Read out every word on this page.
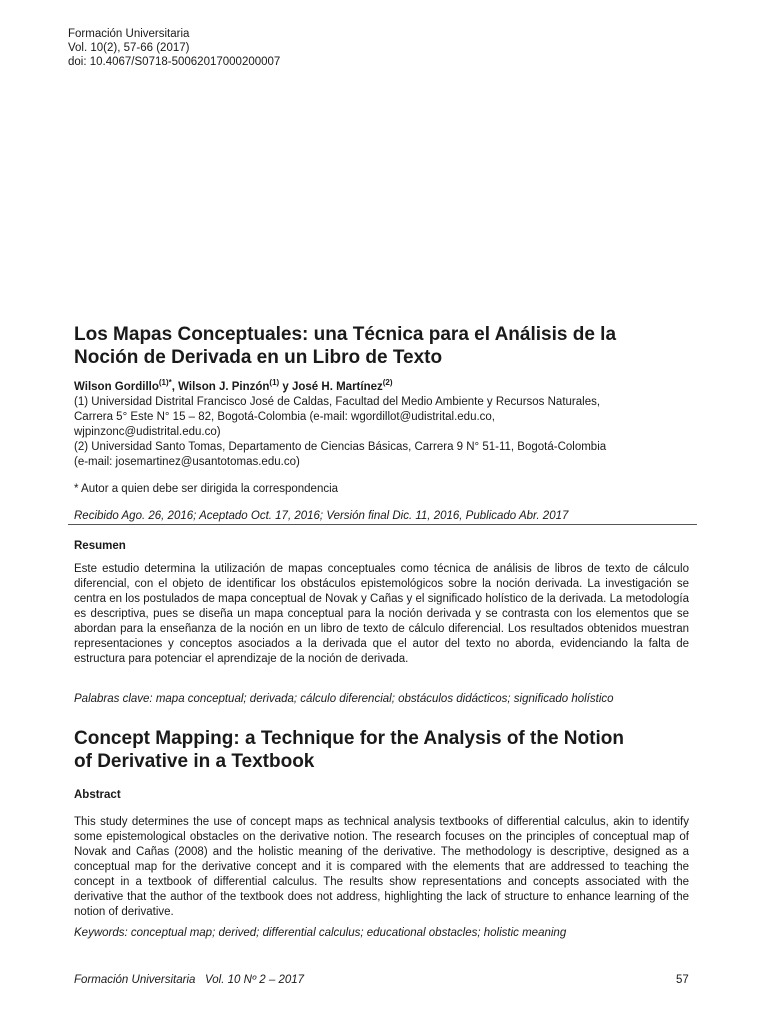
Formación Universitaria
Vol. 10(2), 57-66 (2017)
doi: 10.4067/S0718-50062017000200007
Los Mapas Conceptuales: una Técnica para el Análisis de la
Noción de Derivada en un Libro de Texto
Wilson Gordillo$^{(1)*}$, Wilson J. Pinzón$^{(1)}$ y José H. Martínez$^{(2)}$
(1) Universidad Distrital Francisco José de Caldas, Facultad del Medio Ambiente y Recursos Naturales,
Carrera 5° Este N° 15 – 82, Bogotá-Colombia (e-mail: wgordillot@udistrital.edu.co,
wjpinzonc@udistrital.edu.co)
(2) Universidad Santo Tomas, Departamento de Ciencias Básicas, Carrera 9 N° 51-11, Bogotá-Colombia
(e-mail: josemartinez@usantotomas.edu.co)
* Autor a quien debe ser dirigida la correspondencia
Recibido Ago. 26, 2016; Aceptado Oct. 17, 2016; Versión final Dic. 11, 2016, Publicado Abr. 2017
Resumen

Este estudio determina la utilización de mapas conceptuales como técnica de análisis de libros de texto de cálculo diferencial, con el objeto de identificar los obstáculos epistemológicos sobre la noción derivada. La investigación se centra en los postulados de mapa conceptual de Novak y Cañas y el significado holístico de la derivada. La metodología es descriptiva, pues se diseña un mapa conceptual para la noción derivada y se contrasta con los elementos que se abordan para la enseñanza de la noción en un libro de texto de cálculo diferencial. Los resultados obtenidos muestran representaciones y conceptos asociados a la derivada que el autor del texto no aborda, evidenciando la falta de estructura para potenciar el aprendizaje de la noción de derivada.

Palabras clave: mapa conceptual; derivada; cálculo diferencial; obstáculos didácticos; significado holístico
Concept Mapping: a Technique for the Analysis of the Notion
of Derivative in a Textbook
Abstract

This study determines the use of concept maps as technical analysis textbooks of differential calculus, akin to identify some epistemological obstacles on the derivative notion. The research focuses on the principles of conceptual map of Novak and Cañas (2008) and the holistic meaning of the derivative. The methodology is descriptive, designed as a conceptual map for the derivative concept and it is compared with the elements that are addressed to teaching the concept in a textbook of differential calculus. The results show representations and concepts associated with the derivative that the author of the textbook does not address, highlighting the lack of structure to enhance learning of the notion of derivative.

Keywords: conceptual map; derived; differential calculus; educational obstacles; holistic meaning
Formación Universitaria   Vol. 10 Nº 2 – 2017	57
